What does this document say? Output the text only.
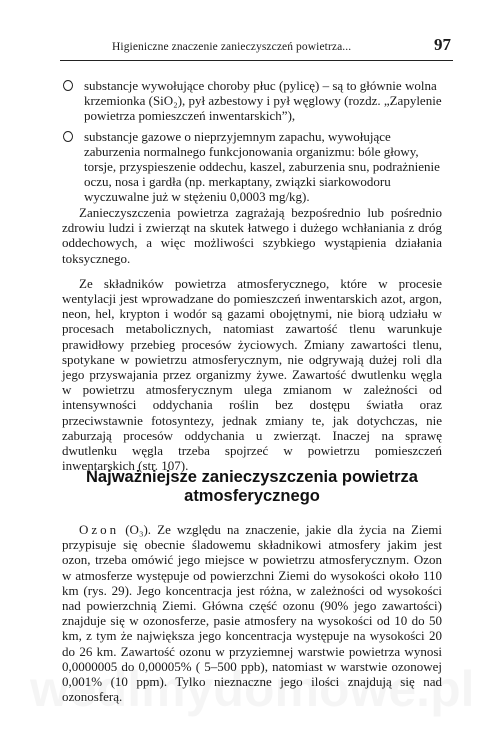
Higieniczne znaczenie zanieczyszczeń powietrza...	97
substancje wywołujące choroby płuc (pylicę) – są to głównie wolna krzemionka (SiO₂), pył azbestowy i pył węglowy (rozdz. „Zapylenie powietrza pomieszczeń inwentarskich”),
substancje gazowe o nieprzyjemnym zapachu, wywołujące zaburzenia normalnego funkcjonowania organizmu: bóle głowy, torsje, przyspieszenie oddechu, kaszel, zaburzenia snu, podrażnienie oczu, nosa i gardła (np. merkaptany, związki siarkowodoru wyczuwalne już w stężeniu 0,0003 mg/kg).

Zanieczyszczenia powietrza zagrażają bezpośrednio lub pośrednio zdrowiu ludzi i zwierząt na skutek łatwego i dużego wchłaniania z dróg oddechowych, a więc możliwości szybkiego wystąpienia działania toksycznego.

Ze składników powietrza atmosferycznego, które w procesie wentylacji jest wprowadzane do pomieszczeń inwentarskich azot, argon, neon, hel, krypton i wodór są gazami obojętnymi, nie biorą udziału w procesach metabolicznych, natomiast zawartość tlenu warunkuje prawidłowy przebieg procesów życiowych. Zmiany zawartości tlenu, spotykane w powietrzu atmosferycznym, nie odgrywają dużej roli dla jego przyswajania przez organizmy żywe. Zawartość dwutlenku węgla w powietrzu atmosferycznym ulega zmianom w zależności od intensywności oddychania roślin bez dostępu światła oraz przeciwstawnie fotosyntezy, jednak zmiany te, jak dotychczas, nie zaburzają procesów oddychania u zwierząt. Inaczej na sprawę dwutlenku węgla trzeba spojrzeć w powietrzu pomieszczeń inwentarskich (str. 107).

Najważniejsze zanieczyszczenia powietrza
atmosferycznego

Ozon (O₃). Ze względu na znaczenie, jakie dla życia na Ziemi przypisuje się obecnie śladowemu składnikowi atmosfery jakim jest ozon, trzeba omówić jego miejsce w powietrzu atmosferycznym. Ozon w atmosferze występuje od powierzchni Ziemi do wysokości około 110 km (rys. 29). Jego koncentracja jest różna, w zależności od wysokości nad powierzchnią Ziemi. Główna część ozonu (90% jego zawartości) znajduje się w ozonosferze, pasie atmosfery na wysokości od 10 do 50 km, z tym że największa jego koncentracja występuje na wysokości 20 do 26 km. Zawartość ozonu w przyziemnej warstwie powietrza wynosi 0,0000005 do 0,00005% ( 5–500 ppb), natomiast w warstwie ozonowej 0,001% (10 ppm). Tylko nieznaczne jego ilości znajdują się nad ozonosferą.
